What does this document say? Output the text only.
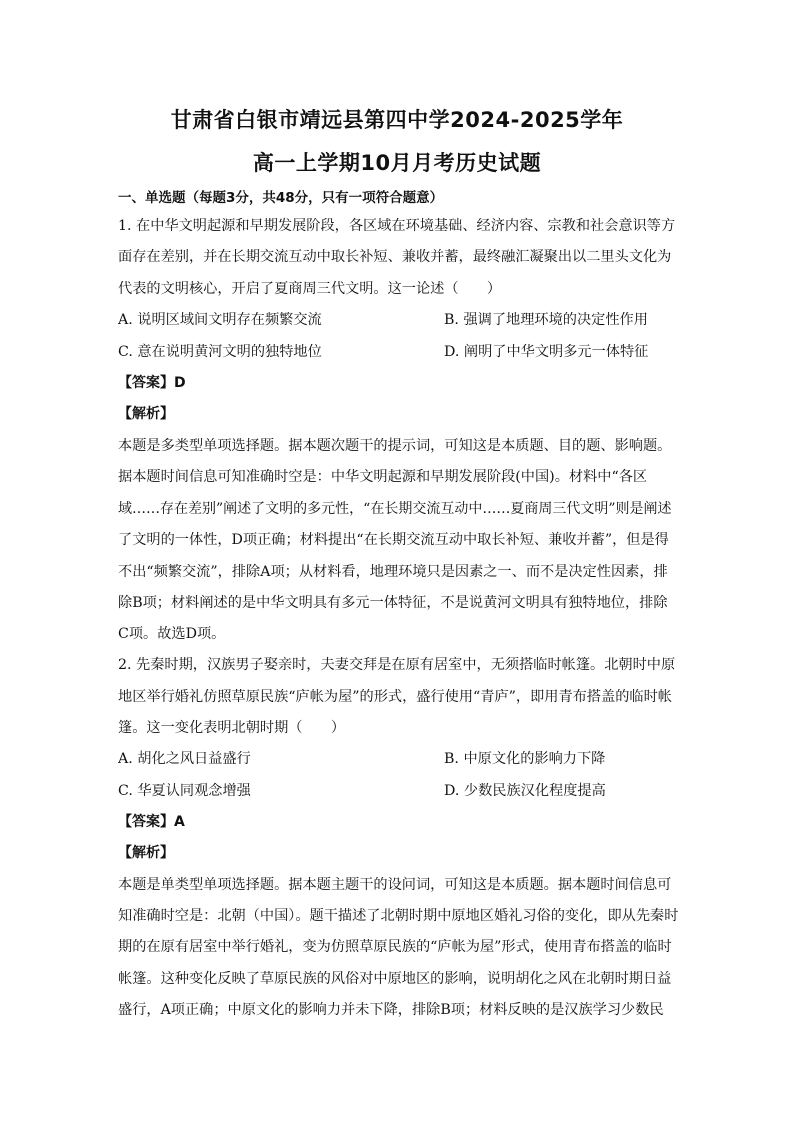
甘肃省白银市靖远县第四中学2024-2025学年
高一上学期10月月考历史试题
一、单选题（每题3分，共48分，只有一项符合题意）
1. 在中华文明起源和早期发展阶段，各区域在环境基础、经济内容、宗教和社会意识等方
面存在差别，并在长期交流互动中取长补短、兼收并蓄，最终融汇凝聚出以二里头文化为
代表的文明核心，开启了夏商周三代文明。这一论述（　　）
A. 说明区域间文明存在频繁交流	B. 强调了地理环境的决定性作用
C. 意在说明黄河文明的独特地位	D. 阐明了中华文明多元一体特征
【答案】D
【解析】
本题是多类型单项选择题。据本题次题干的提示词，可知这是本质题、目的题、影响题。
据本题时间信息可知准确时空是：中华文明起源和早期发展阶段(中国)。材料中“各区
域……存在差别”阐述了文明的多元性，“在长期交流互动中……夏商周三代文明”则是阐述
了文明的一体性，D项正确；材料提出“在长期交流互动中取长补短、兼收并蓄”，但是得
不出“频繁交流”，排除A项；从材料看，地理环境只是因素之一、而不是决定性因素，排
除B项；材料阐述的是中华文明具有多元一体特征，不是说黄河文明具有独特地位，排除
C项。故选D项。
2. 先秦时期，汉族男子娶亲时，夫妻交拜是在原有居室中，无须搭临时帐篷。北朝时中原
地区举行婚礼仿照草原民族“庐帐为屋”的形式，盛行使用“青庐”，即用青布搭盖的临时帐
篷。这一变化表明北朝时期（　　）
A. 胡化之风日益盛行	B. 中原文化的影响力下降
C. 华夏认同观念增强	D. 少数民族汉化程度提高
【答案】A
【解析】
本题是单类型单项选择题。据本题主题干的设问词，可知这是本质题。据本题时间信息可
知准确时空是：北朝（中国）。题干描述了北朝时期中原地区婚礼习俗的变化，即从先秦时
期的在原有居室中举行婚礼，变为仿照草原民族的“庐帐为屋”形式，使用青布搭盖的临时
帐篷。这种变化反映了草原民族的风俗对中原地区的影响，说明胡化之风在北朝时期日益
盛行，A项正确；中原文化的影响力并未下降，排除B项；材料反映的是汉族学习少数民
